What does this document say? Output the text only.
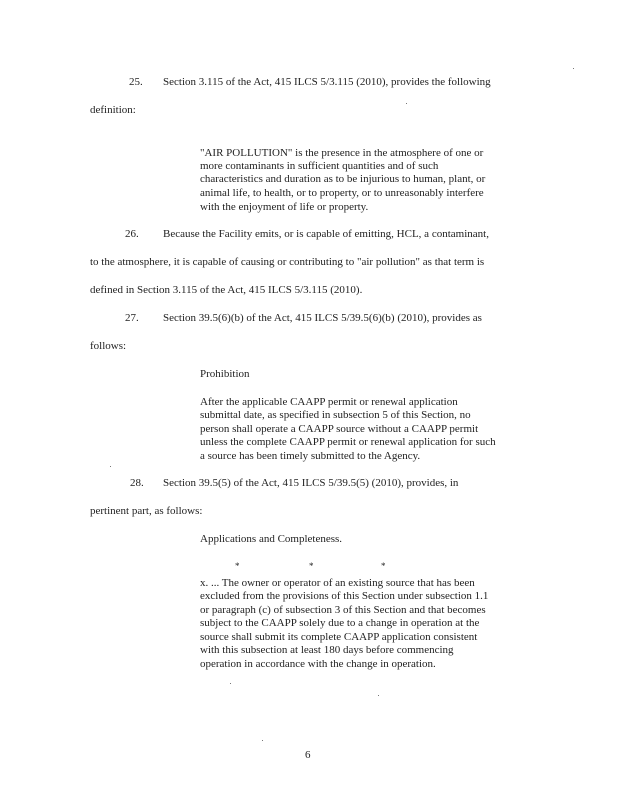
25. Section 3.115 of the Act, 415 ILCS 5/3.115 (2010), provides the following
definition:
"AIR POLLUTION" is the presence in the atmosphere of one or
more contaminants in sufficient quantities and of such
characteristics and duration as to be injurious to human, plant, or
animal life, to health, or to property, or to unreasonably interfere
with the enjoyment of life or property.
26. Because the Facility emits, or is capable of emitting, HCL, a contaminant,
to the atmosphere, it is capable of causing or contributing to "air pollution" as that term is
defined in Section 3.115 of the Act, 415 ILCS 5/3.115 (2010).
27. Section 39.5(6)(b) of the Act, 415 ILCS 5/39.5(6)(b) (2010), provides as
follows:
Prohibition
After the applicable CAAPP permit or renewal application
submittal date, as specified in subsection 5 of this Section, no
person shall operate a CAAPP source without a CAAPP permit
unless the complete CAAPP permit or renewal application for such
a source has been timely submitted to the Agency.
28. Section 39.5(5) of the Act, 415 ILCS 5/39.5(5) (2010), provides, in
pertinent part, as follows:
Applications and Completeness.
*	*	*
x. ... The owner or operator of an existing source that has been
excluded from the provisions of this Section under subsection 1.1
or paragraph (c) of subsection 3 of this Section and that becomes
subject to the CAAPP solely due to a change in operation at the
source shall submit its complete CAAPP application consistent
with this subsection at least 180 days before commencing
operation in accordance with the change in operation.
6
